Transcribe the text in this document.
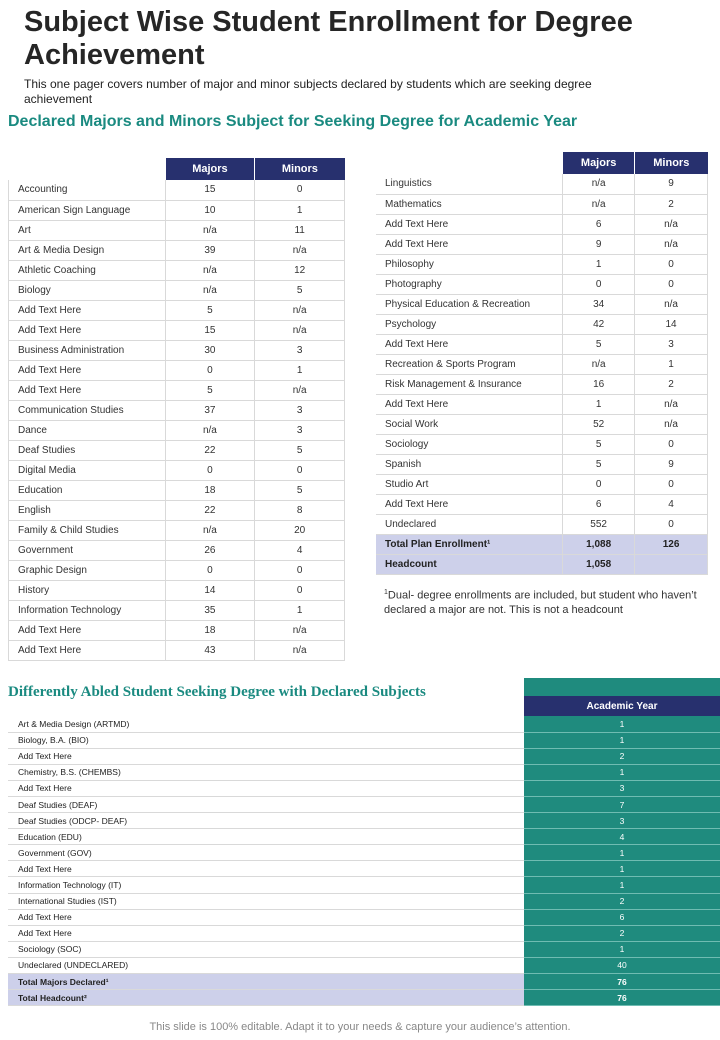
Subject Wise Student Enrollment for Degree Achievement
This one pager covers number of major and minor subjects declared by students which are seeking degree achievement
Declared Majors and Minors Subject for Seeking Degree for Academic Year
	Majors	Minors
Accounting	15	0
American Sign Language	10	1
Art	n/a	11
Art & Media Design	39	n/a
Athletic Coaching	n/a	12
Biology	n/a	5
Add Text Here	5	n/a
Add Text Here	15	n/a
Business Administration	30	3
Add Text Here	0	1
Add Text Here	5	n/a
Communication Studies	37	3
Dance	n/a	3
Deaf Studies	22	5
Digital Media	0	0
Education	18	5
English	22	8
Family & Child Studies	n/a	20
Government	26	4
Graphic Design	0	0
History	14	0
Information Technology	35	1
Add Text Here	18	n/a
Add Text Here	43	n/a
	Majors	Minors
Linguistics	n/a	9
Mathematics	n/a	2
Add Text Here	6	n/a
Add Text Here	9	n/a
Philosophy	1	0
Photography	0	0
Physical Education & Recreation	34	n/a
Psychology	42	14
Add Text Here	5	3
Recreation & Sports Program	n/a	1
Risk Management & Insurance	16	2
Add Text Here	1	n/a
Social Work	52	n/a
Sociology	5	0
Spanish	5	9
Studio Art	0	0
Add Text Here	6	4
Undeclared	552	0
Total Plan Enrollment¹	1,088	126
Headcount	1,058	
$^1$Dual- degree enrollments are included, but student who haven’t declared a major are not. This is not a headcount
Differently Abled Student Seeking Degree with Declared Subjects
	Academic Year
Art & Media Design (ARTMD)	1
Biology, B.A. (BIO)	1
Add Text Here	2
Chemistry, B.S. (CHEMBS)	1
Add Text Here	3
Deaf Studies (DEAF)	7
Deaf Studies (ODCP- DEAF)	3
Education (EDU)	4
Government (GOV)	1
Add Text Here	1
Information Technology (IT)	1
International Studies (IST)	2
Add Text Here	6
Add Text Here	2
Sociology (SOC)	1
Undeclared (UNDECLARED)	40
Total Majors Declared¹	76
Total Headcount²	76
This slide is 100% editable. Adapt it to your needs & capture your audience’s attention.
